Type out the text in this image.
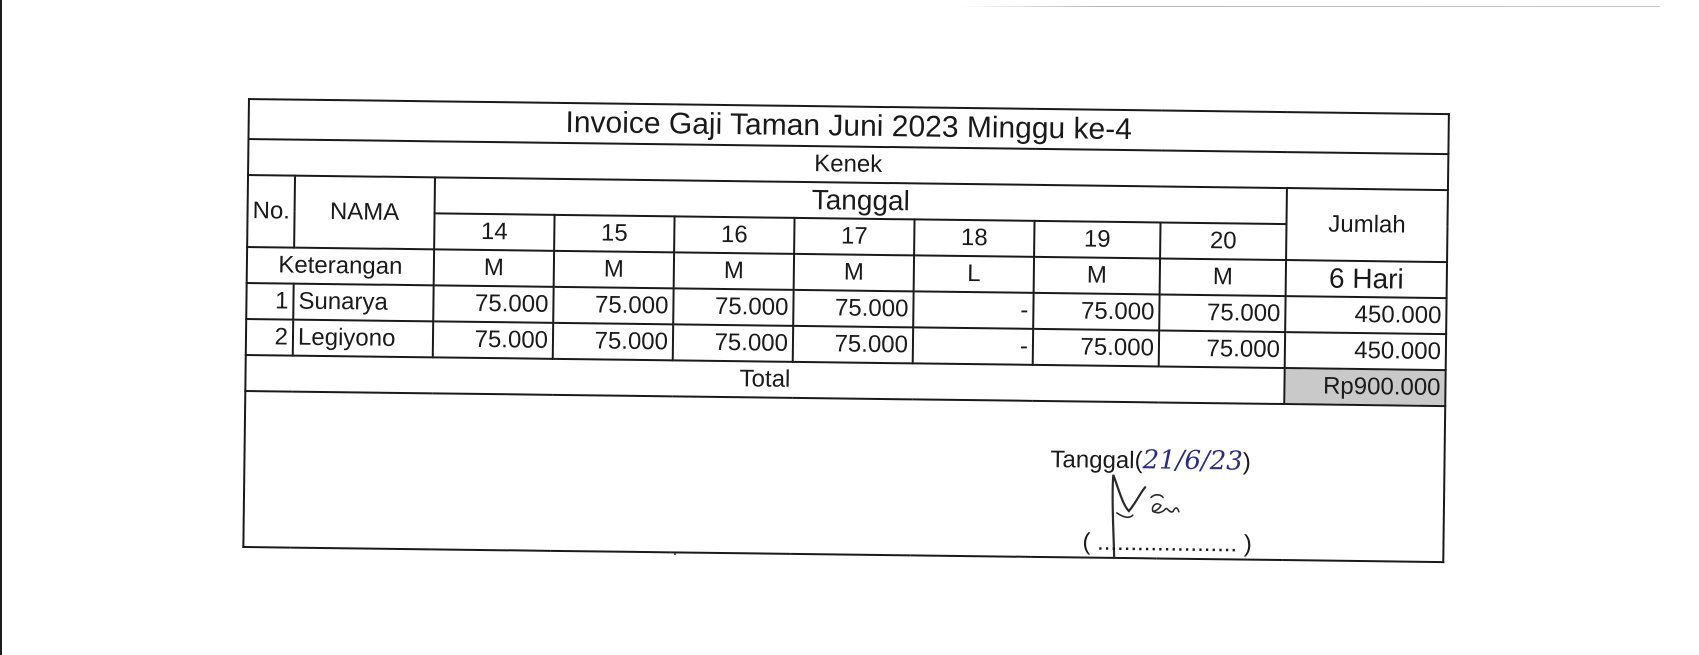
Invoice Gaji Taman Juni 2023 Minggu ke-4									
Kenek									
No.	NAMA	Tanggal							Jumlah
		14	15	16	17	18	19	20	
Keterangan		M	M	M	M	L	M	M	6 Hari
1	Sunarya	75.000	75.000	75.000	75.000	-	75.000	75.000	450.000
2	Legiyono	75.000	75.000	75.000	75.000	-	75.000	75.000	450.000
Total									Rp900.000

Tanggal(21/6/23)
( ..................... )									
